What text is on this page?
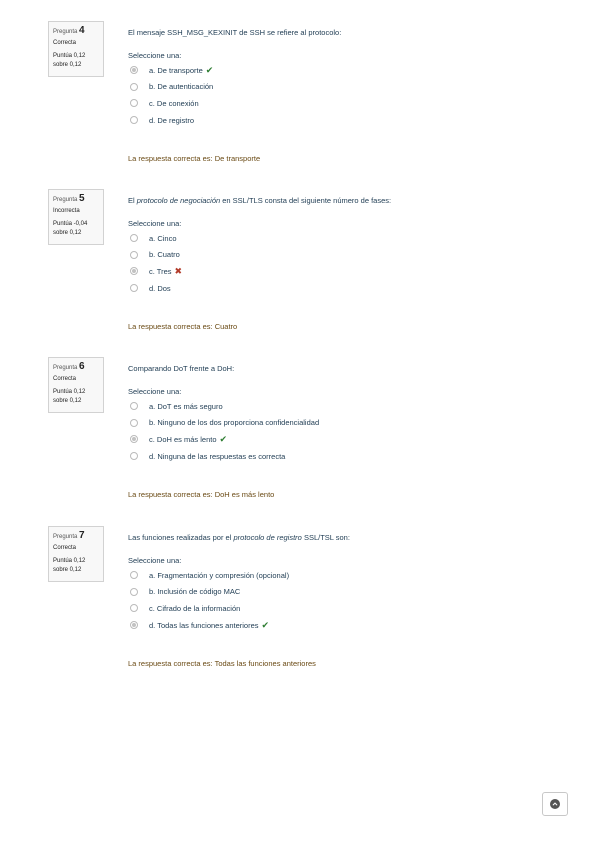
Pregunta 4
Correcta
Puntúa 0,12
sobre 0,12
El mensaje SSH_MSG_KEXINIT de SSH se refiere al protocolo:
Seleccione una:
a. De transporte ✔
b. De autenticación
c. De conexión
d. De registro
La respuesta correcta es: De transporte
Pregunta 5
Incorrecta
Puntúa -0,04
sobre 0,12
El protocolo de negociación en SSL/TLS consta del siguiente número de fases:
Seleccione una:
a. Cinco
b. Cuatro
c. Tres ✖
d. Dos
La respuesta correcta es: Cuatro
Pregunta 6
Correcta
Puntúa 0,12
sobre 0,12
Comparando DoT frente a DoH:
Seleccione una:
a. DoT es más seguro
b. Ninguno de los dos proporciona confidencialidad
c. DoH es más lento ✔
d. Ninguna de las respuestas es correcta
La respuesta correcta es: DoH es más lento
Pregunta 7
Correcta
Puntúa 0,12
sobre 0,12
Las funciones realizadas por el protocolo de registro SSL/TSL son:
Seleccione una:
a. Fragmentación y compresión (opcional)
b. Inclusión de código MAC
c. Cifrado de la información
d. Todas las funciones anteriores ✔
La respuesta correcta es: Todas las funciones anteriores
